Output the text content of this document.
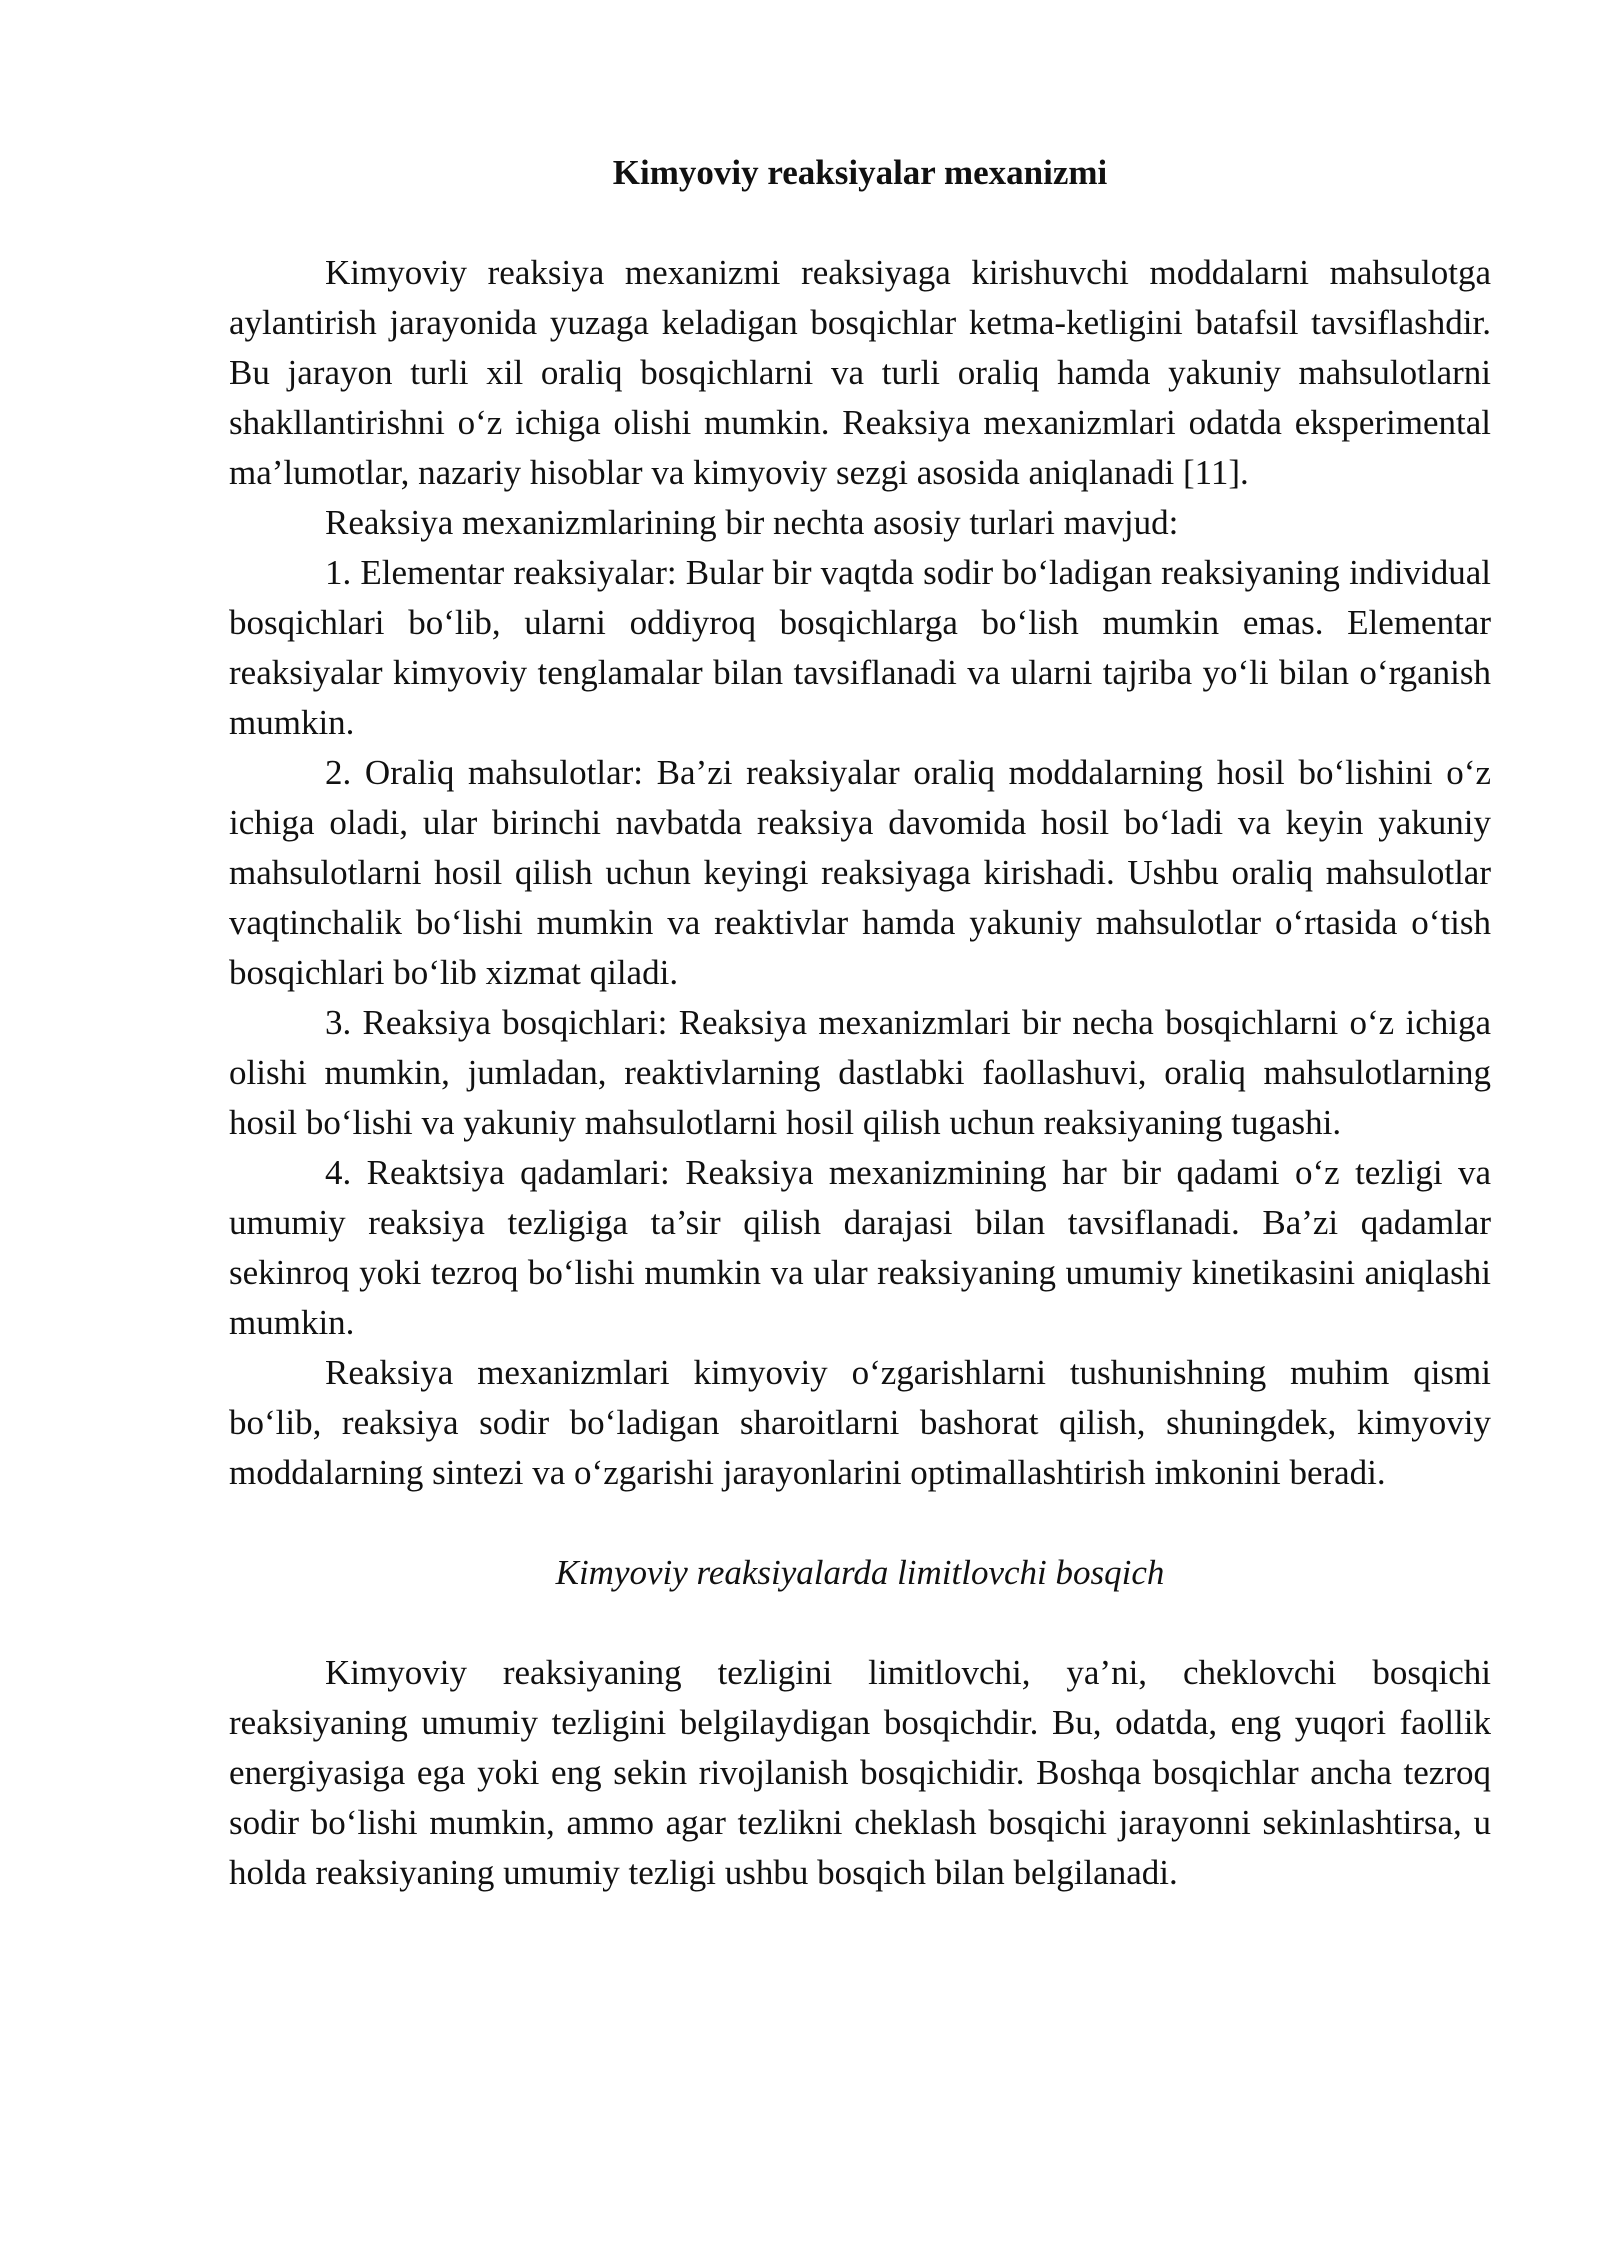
Kimyoviy reaksiyalar mexanizmi

Kimyoviy reaksiya mexanizmi reaksiyaga kirishuvchi moddalarni mahsulotga aylantirish jarayonida yuzaga keladigan bosqichlar ketma-ketligini batafsil tavsiflashdir. Bu jarayon turli xil oraliq bosqichlarni va turli oraliq hamda yakuniy mahsulotlarni shakllantirishni o‘z ichiga olishi mumkin. Reaksiya mexanizmlari odatda eksperimental ma’lumotlar, nazariy hisoblar va kimyoviy sezgi asosida aniqlanadi [11].

Reaksiya mexanizmlarining bir nechta asosiy turlari mavjud:

1. Elementar reaksiyalar: Bular bir vaqtda sodir bo‘ladigan reaksiyaning individual bosqichlari bo‘lib, ularni oddiyroq bosqichlarga bo‘lish mumkin emas. Elementar reaksiyalar kimyoviy tenglamalar bilan tavsiflanadi va ularni tajriba yo‘li bilan o‘rganish mumkin.

2. Oraliq mahsulotlar: Ba’zi reaksiyalar oraliq moddalarning hosil bo‘lishini o‘z ichiga oladi, ular birinchi navbatda reaksiya davomida hosil bo‘ladi va keyin yakuniy mahsulotlarni hosil qilish uchun keyingi reaksiyaga kirishadi. Ushbu oraliq mahsulotlar vaqtinchalik bo‘lishi mumkin va reaktivlar hamda yakuniy mahsulotlar o‘rtasida o‘tish bosqichlari bo‘lib xizmat qiladi.

3. Reaksiya bosqichlari: Reaksiya mexanizmlari bir necha bosqichlarni o‘z ichiga olishi mumkin, jumladan, reaktivlarning dastlabki faollashuvi, oraliq mahsulotlarning hosil bo‘lishi va yakuniy mahsulotlarni hosil qilish uchun reaksiyaning tugashi.

4. Reaktsiya qadamlari: Reaksiya mexanizmining har bir qadami o‘z tezligi va umumiy reaksiya tezligiga ta’sir qilish darajasi bilan tavsiflanadi. Ba’zi qadamlar sekinroq yoki tezroq bo‘lishi mumkin va ular reaksiyaning umumiy kinetikasini aniqlashi mumkin.

Reaksiya mexanizmlari kimyoviy o‘zgarishlarni tushunishning muhim qismi bo‘lib, reaksiya sodir bo‘ladigan sharoitlarni bashorat qilish, shuningdek, kimyoviy moddalarning sintezi va o‘zgarishi jarayonlarini optimallashtirish imkonini beradi.

Kimyoviy reaksiyalarda limitlovchi bosqich

Kimyoviy reaksiyaning tezligini limitlovchi, ya’ni, cheklovchi bosqichi reaksiyaning umumiy tezligini belgilaydigan bosqichdir. Bu, odatda, eng yuqori faollik energiyasiga ega yoki eng sekin rivojlanish bosqichidir. Boshqa bosqichlar ancha tezroq sodir bo‘lishi mumkin, ammo agar tezlikni cheklash bosqichi jarayonni sekinlashtirsa, u holda reaksiyaning umumiy tezligi ushbu bosqich bilan belgilanadi.
